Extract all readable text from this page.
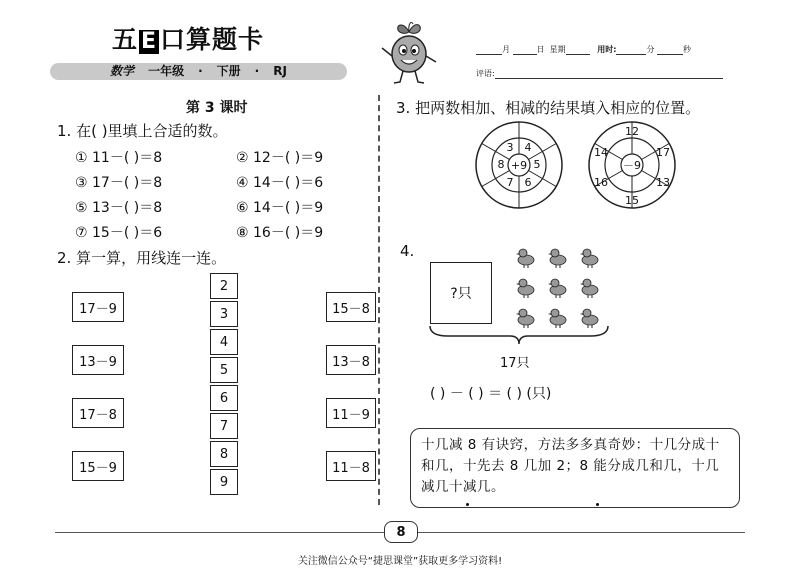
五 E 口算题卡
数学 一年级 · 下册 · RJ
月	日 星期	用时:	分	秒
评语:
第 3 课时
1. 在( )里填上合适的数。
① 11－( )＝8	② 12－( )＝9
③ 17－( )＝8	④ 14－( )＝6
⑤ 13－( )＝8	⑥ 14－( )＝9
⑦ 15－( )＝6	⑧ 16－( )＝9
2. 算一算，用线连一连。
17－9
13－9
17－8
15－9
2
3
4
5
6
7
8
9
15－8
13－8
11－9
11－8
3. 把两数相加、相减的结果填入相应的位置。
+9
3 4
5
6
7
8	－9
12
17
13
15
16
14
4.
?只
17只
( ) － ( ) ＝ ( ) (只)
十几减 8 有诀窍，方法多多真奇妙：十几分成十和几，十先去 8 几加 2；8 能分成几和几，十几减几十减几。
8
关注微信公众号“捷思课堂”获取更多学习资料!
